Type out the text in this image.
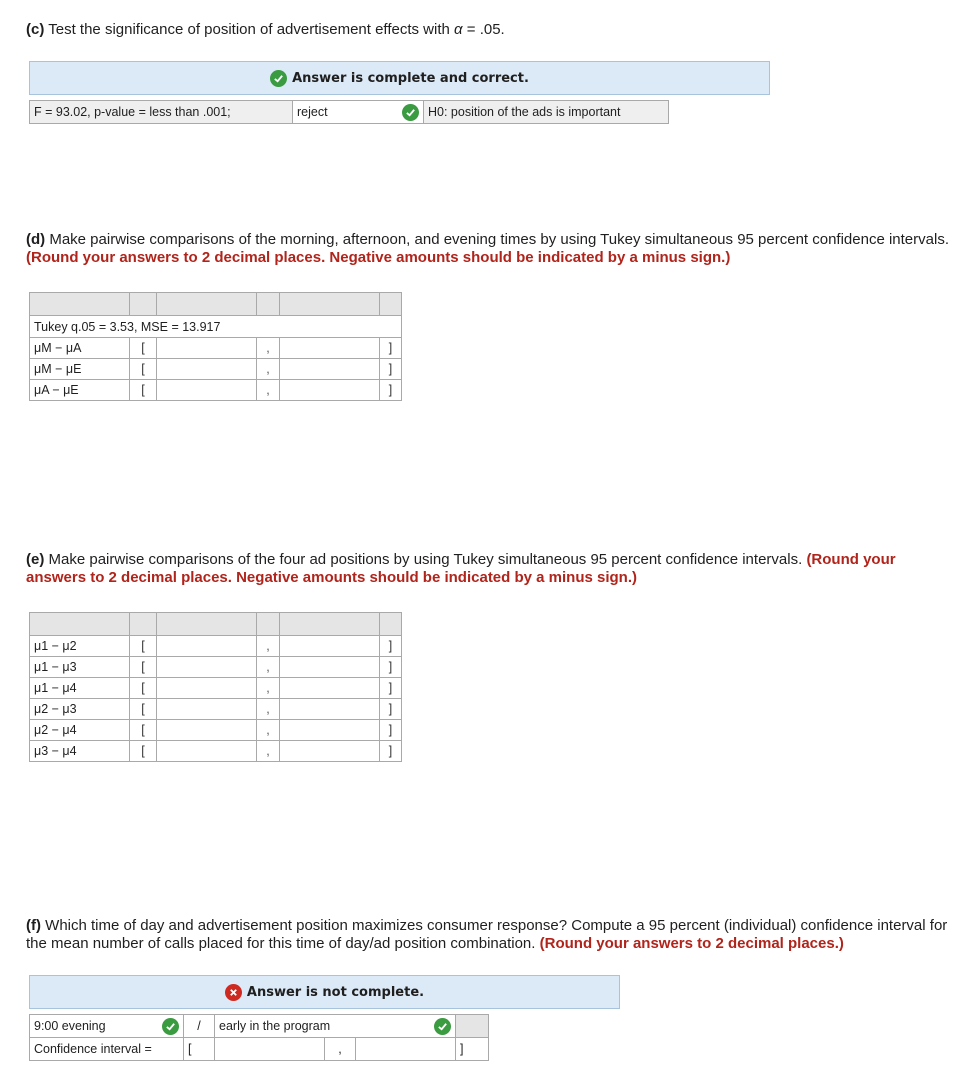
(c) Test the significance of position of advertisement effects with α = .05.

Answer is complete and correct.
F = 93.02, p-value = less than .001;	reject	H0: position of the ads is important

(d) Make pairwise comparisons of the morning, afternoon, and evening times by using Tukey simultaneous 95 percent confidence intervals. (Round your answers to 2 decimal places. Negative amounts should be indicated by a minus sign.)

Tukey q.05 = 3.53, MSE = 13.917					
μM − μA	[		,		]
μM − μE	[		,		]
μA − μE	[		,		]

(e) Make pairwise comparisons of the four ad positions by using Tukey simultaneous 95 percent confidence intervals. (Round your answers to 2 decimal places. Negative amounts should be indicated by a minus sign.)

μ1 − μ2	[		,		]
μ1 − μ3	[		,		]
μ1 − μ4	[		,		]
μ2 − μ3	[		,		]
μ2 − μ4	[		,		]
μ3 − μ4	[		,		]

(f) Which time of day and advertisement position maximizes consumer response? Compute a 95 percent (individual) confidence interval for the mean number of calls placed for this time of day/ad position combination. (Round your answers to 2 decimal places.)

Answer is not complete.
9:00 evening	/	early in the program
Confidence interval =	[	,	]
